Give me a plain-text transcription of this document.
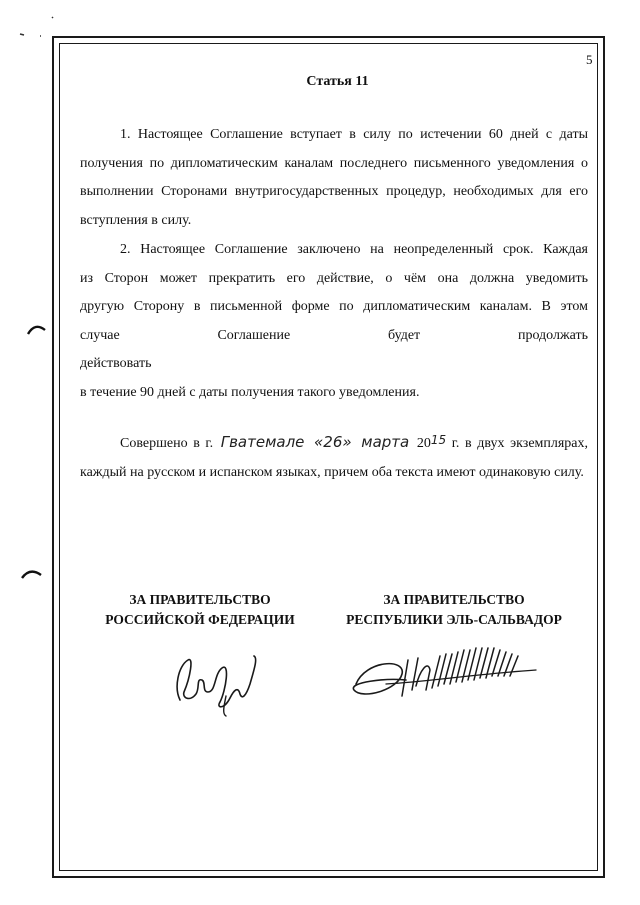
5
Статья 11

1. Настоящее Соглашение вступает в силу по истечении 60 дней с даты получения по дипломатическим каналам последнего письменного уведомления о выполнении Сторонами внутригосударственных процедур, необходимых для его вступления в силу.

2. Настоящее Соглашение заключено на неопределенный срок. Каждая
из Сторон может прекратить его действие, о чём она должна уведомить
другую Сторону в письменной форме по дипломатическим каналам. В этом
случае Соглашение будет продолжать действовать
в течение 90 дней с даты получения такого уведомления.

Совершено в г. Гватемале «26» марта 2015 г. в двух экземплярах, каждый на русском и испанском языках, причем оба текста имеют одинаковую силу.

ЗА ПРАВИТЕЛЬСТВО
РОССИЙСКОЙ ФЕДЕРАЦИИ
ЗА ПРАВИТЕЛЬСТВО
РЕСПУБЛИКИ ЭЛЬ-САЛЬВАДОР
